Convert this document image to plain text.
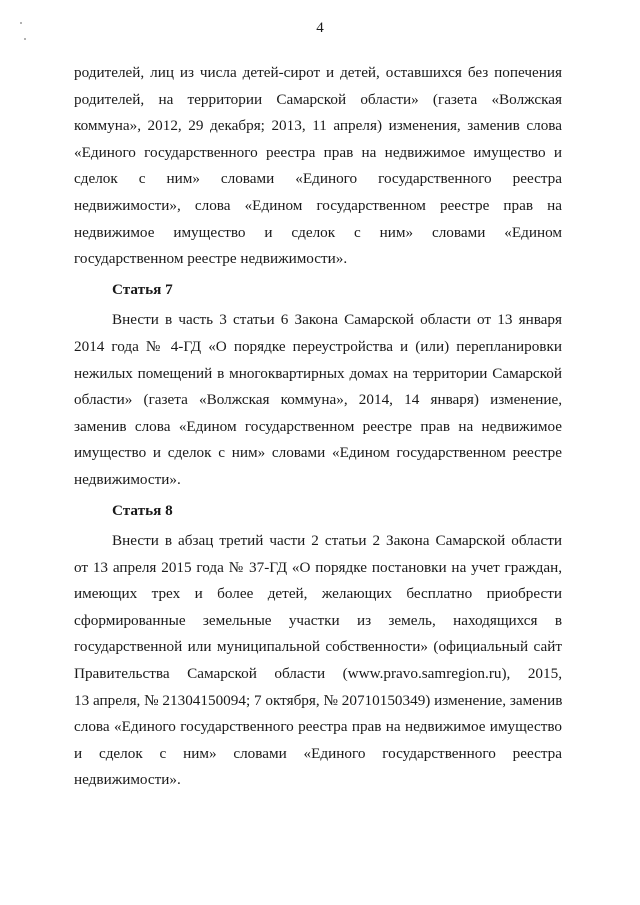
4
родителей, лиц из числа детей-сирот и детей, оставшихся без попечения
родителей, на территории Самарской области» (газета «Волжская
коммуна», 2012, 29 декабря; 2013, 11 апреля) изменения, заменив слова
«Единого государственного реестра прав на недвижимое имущество и
сделок с ним» словами «Единого государственного реестра
недвижимости», слова «Едином государственном реестре прав на
недвижимое имущество и сделок с ним» словами «Едином
государственном реестре недвижимости».
Статья 7
Внести в часть 3 статьи 6 Закона Самарской области от 13 января
2014 года № 4-ГД «О порядке переустройства и (или) перепланировки
нежилых помещений в многоквартирных домах на территории Самарской
области» (газета «Волжская коммуна», 2014, 14 января) изменение,
заменив слова «Едином государственном реестре прав на недвижимое
имущество и сделок с ним» словами «Едином государственном реестре
недвижимости».
Статья 8
Внести в абзац третий части 2 статьи 2 Закона Самарской области
от 13 апреля 2015 года № 37-ГД «О порядке постановки на учет граждан,
имеющих трех и более детей, желающих бесплатно приобрести
сформированные земельные участки из земель, находящихся в
государственной или муниципальной собственности» (официальный сайт
Правительства Самарской области (www.pravo.samregion.ru), 2015,
13 апреля, № 21304150094; 7 октября, № 20710150349) изменение, заменив
слова «Единого государственного реестра прав на недвижимое имущество
и сделок с ним» словами «Единого государственного реестра
недвижимости».
